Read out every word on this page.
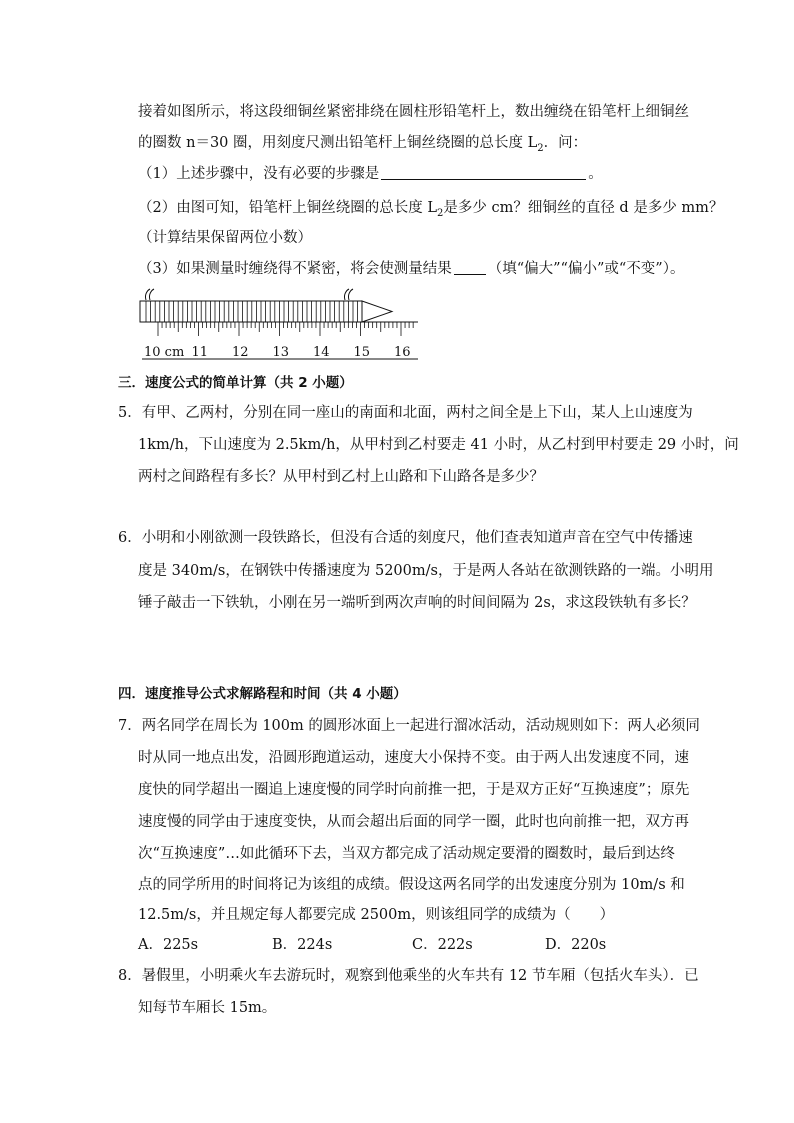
接着如图所示，将这段细铜丝紧密排绕在圆柱形铅笔杆上，数出缠绕在铅笔杆上细铜丝
的圈数 n＝30 圈，用刻度尺测出铅笔杆上铜丝绕圈的总长度 $L_2$．问：
（1）上述步骤中，没有必要的步骤是	。
（2）由图可知，铅笔杆上铜丝绕圈的总长度 $L_2$是多少 cm？细铜丝的直径 d 是多少 mm？
（计算结果保留两位小数）
（3）如果测量时缠绕得不紧密，将会使测量结果 （填“偏大”“偏小”或“不变”）。
10 cm 11 12 13 14 15 16
三．速度公式的简单计算（共 2 小题）
5．有甲、乙两村，分别在同一座山的南面和北面，两村之间全是上下山，某人上山速度为
1km/h，下山速度为 2.5km/h，从甲村到乙村要走 41 小时，从乙村到甲村要走 29 小时，问
两村之间路程有多长？从甲村到乙村上山路和下山路各是多少？
6．小明和小刚欲测一段铁路长，但没有合适的刻度尺，他们查表知道声音在空气中传播速
度是 340m/s，在钢铁中传播速度为 5200m/s，于是两人各站在欲测铁路的一端。小明用
锤子敲击一下铁轨，小刚在另一端听到两次声响的时间间隔为 2s，求这段铁轨有多长？
四．速度推导公式求解路程和时间（共 4 小题）
7．两名同学在周长为 100m 的圆形冰面上一起进行溜冰活动，活动规则如下：两人必须同
时从同一地点出发，沿圆形跑道运动，速度大小保持不变。由于两人出发速度不同，速
度快的同学超出一圈追上速度慢的同学时向前推一把，于是双方正好“互换速度”；原先
速度慢的同学由于速度变快，从而会超出后面的同学一圈，此时也向前推一把，双方再
次“互换速度”…如此循环下去，当双方都完成了活动规定要滑的圈数时，最后到达终
点的同学所用的时间将记为该组的成绩。假设这两名同学的出发速度分别为 10m/s 和
12.5m/s，并且规定每人都要完成 2500m，则该组同学的成绩为（　　）
A．225s	B．224s	C．222s	D．220s
8．暑假里，小明乘火车去游玩时，观察到他乘坐的火车共有 12 节车厢（包括火车头）．已
知每节车厢长 15m。
